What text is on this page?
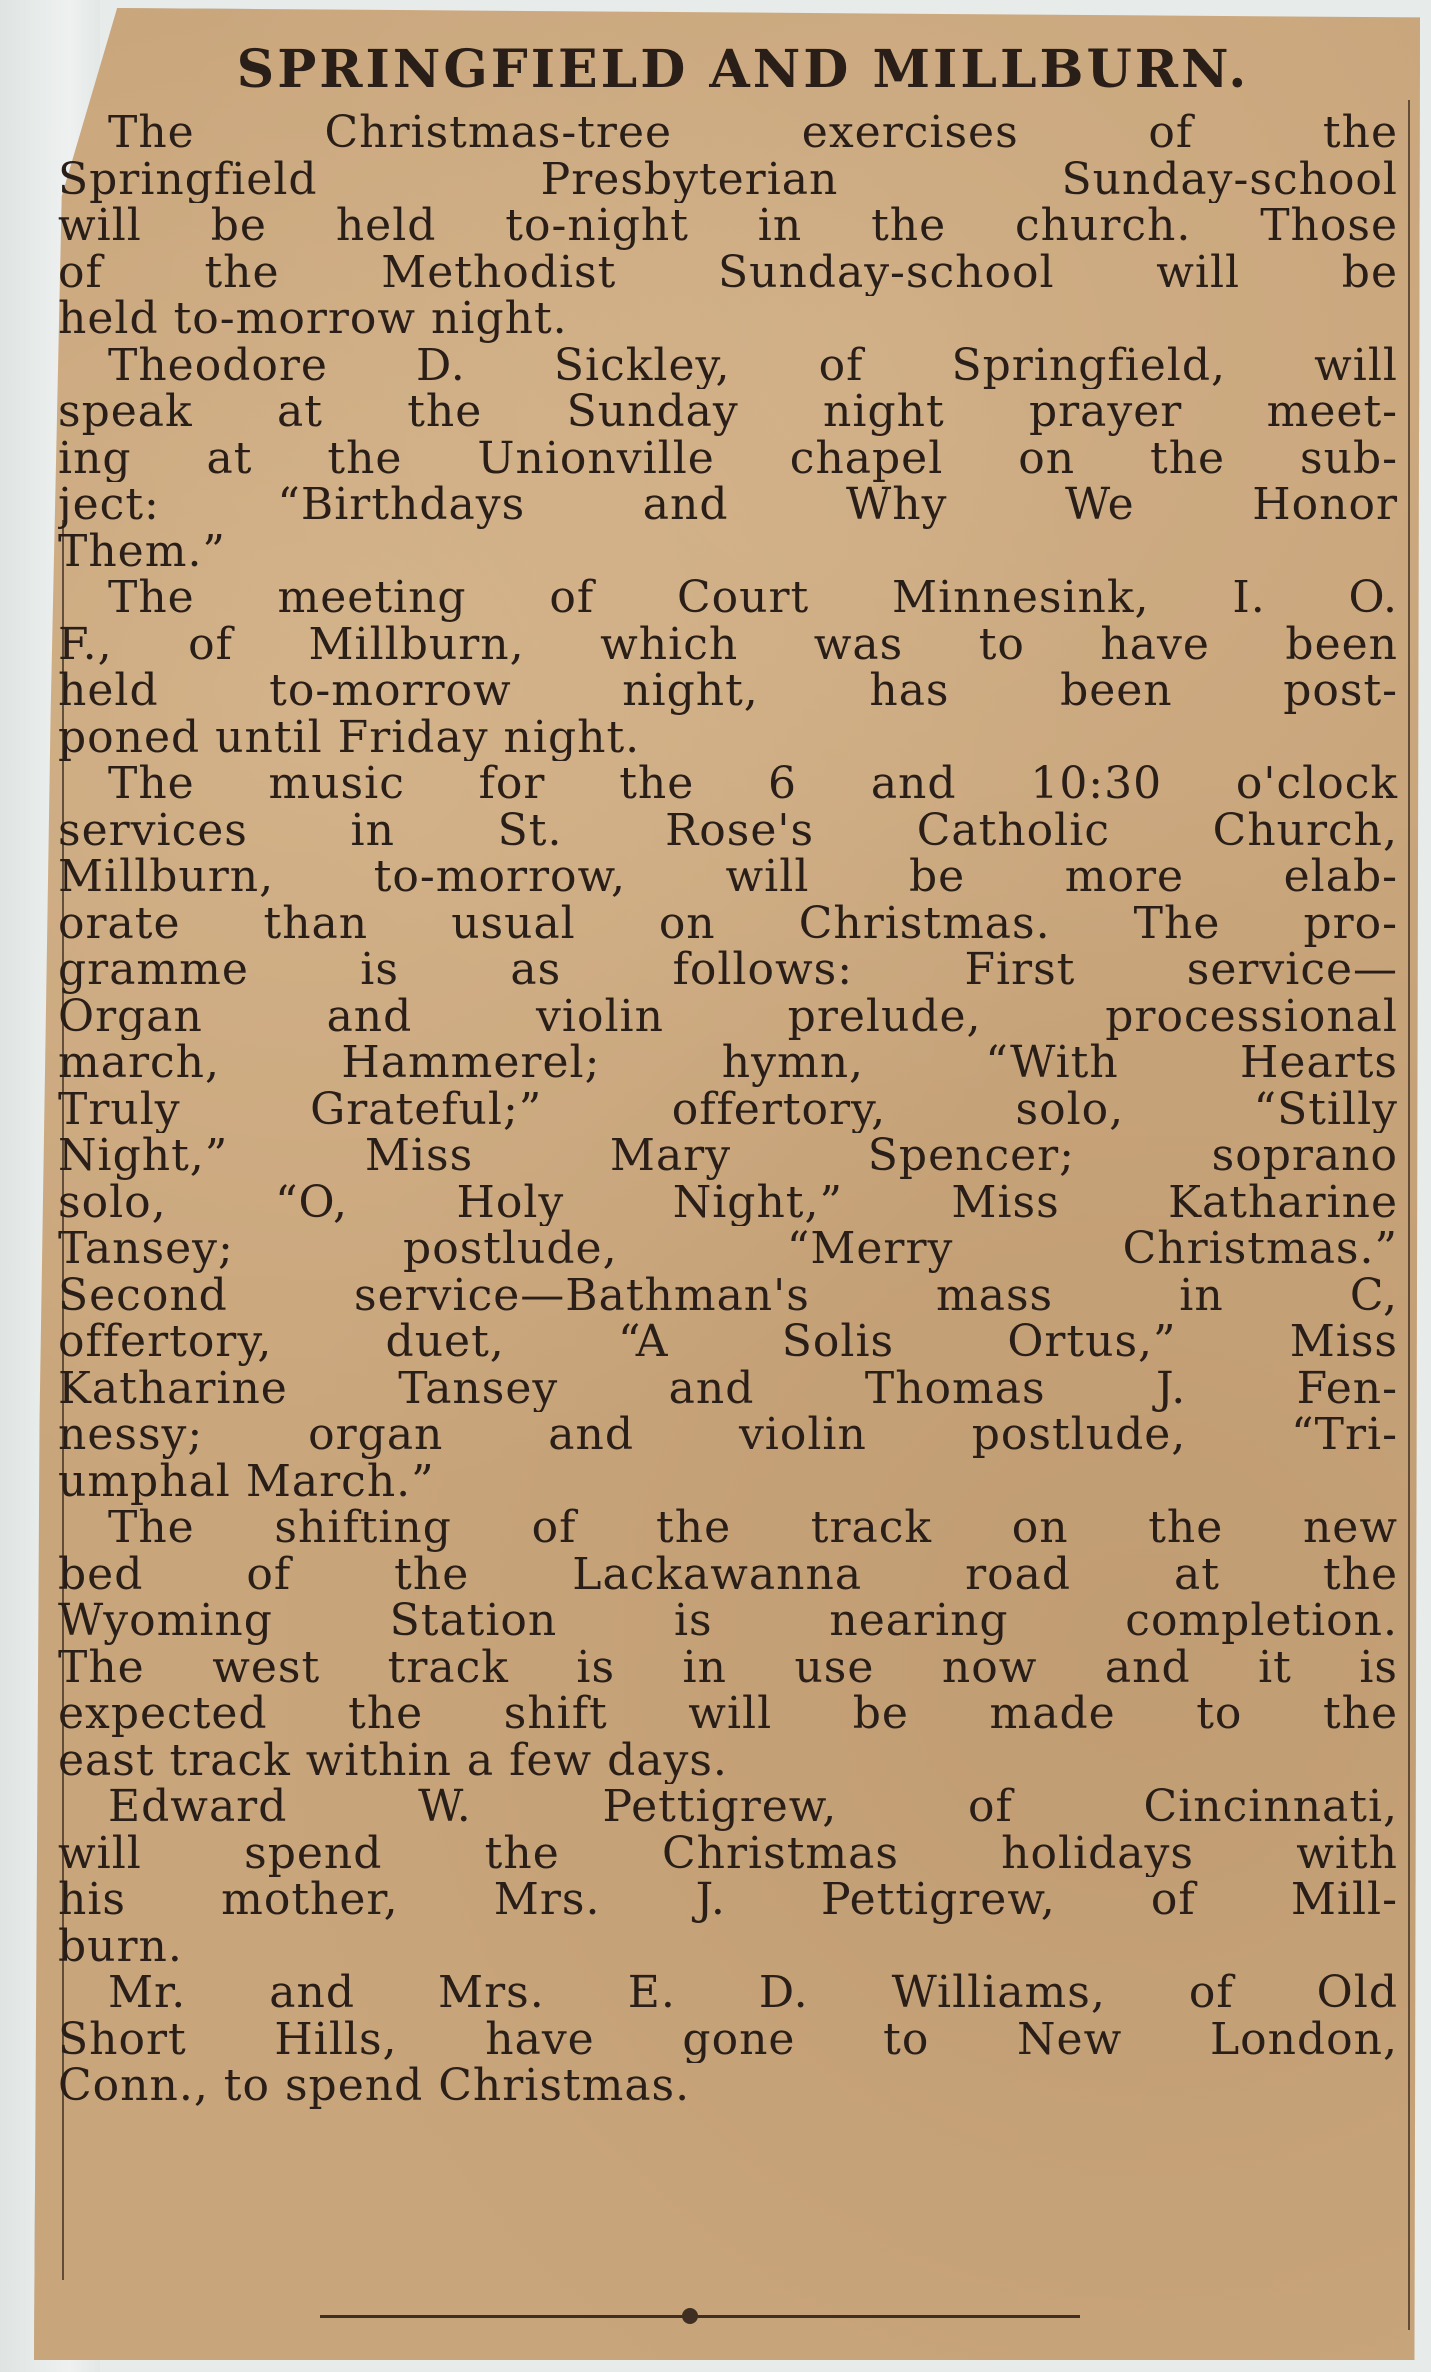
SPRINGFIELD AND MILLBURN.
The Christmas-tree exercises of the
Springfield Presbyterian Sunday-school
will be held to-night in the church. Those
of the Methodist Sunday-school will be
held to-morrow night.
Theodore D. Sickley, of Springfield, will
speak at the Sunday night prayer meet-
ing at the Unionville chapel on the sub-
ject: “Birthdays and Why We Honor
Them.”
The meeting of Court Minnesink, I. O.
F., of Millburn, which was to have been
held to-morrow night, has been post-
poned until Friday night.
The music for the 6 and 10:30 o'clock
services in St. Rose's Catholic Church,
Millburn, to-morrow, will be more elab-
orate than usual on Christmas. The pro-
gramme is as follows: First service—
Organ and violin prelude, processional
march, Hammerel; hymn, “With Hearts
Truly Grateful;” offertory, solo, “Stilly
Night,” Miss Mary Spencer; soprano
solo, “O, Holy Night,” Miss Katharine
Tansey; postlude, “Merry Christmas.”
Second service—Bathman's mass in C,
offertory, duet, “A Solis Ortus,” Miss
Katharine Tansey and Thomas J. Fen-
nessy; organ and violin postlude, “Tri-
umphal March.”
The shifting of the track on the new
bed of the Lackawanna road at the
Wyoming Station is nearing completion.
The west track is in use now and it is
expected the shift will be made to the
east track within a few days.
Edward W. Pettigrew, of Cincinnati,
will spend the Christmas holidays with
his mother, Mrs. J. Pettigrew, of Mill-
burn.
Mr. and Mrs. E. D. Williams, of Old
Short Hills, have gone to New London,
Conn., to spend Christmas.
